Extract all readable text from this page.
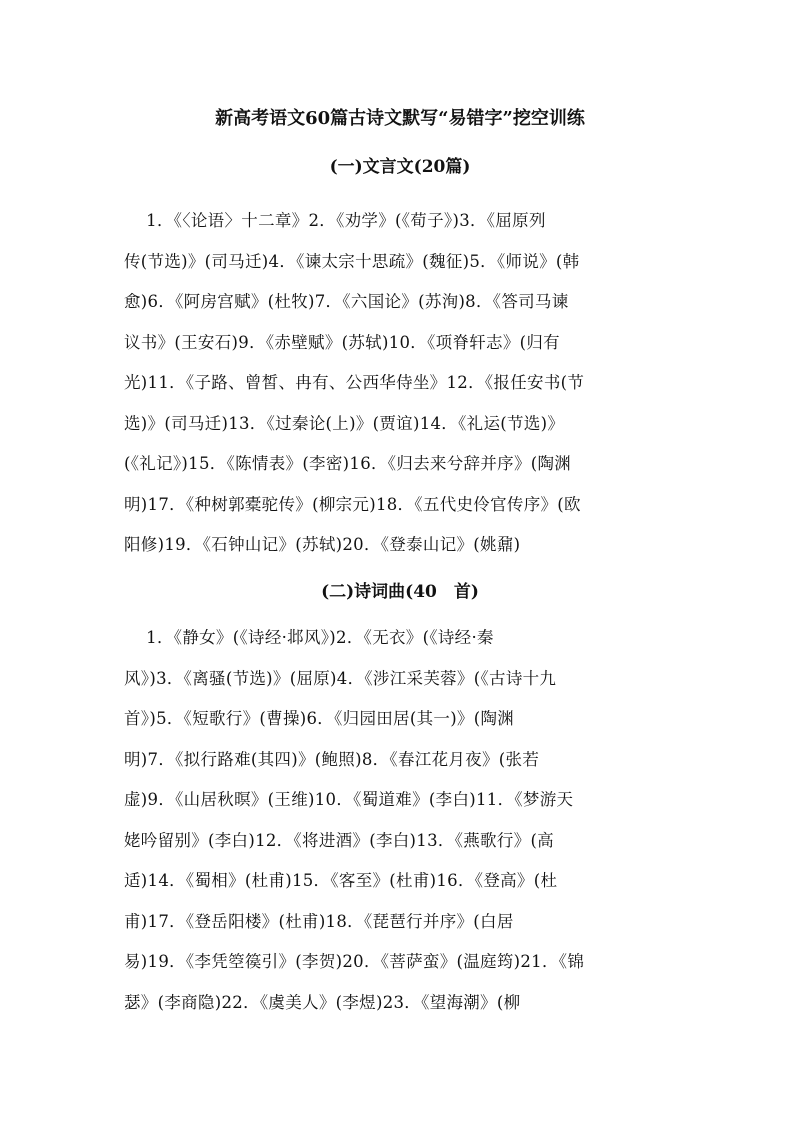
新高考语文60篇古诗文默写“易错字”挖空训练
(一)文言文(20篇)
1．《〈论语〉十二章》2．《劝学》(《荀子》)3．《屈原列
传(节选)》(司马迁)4．《谏太宗十思疏》(魏征)5．《师说》(韩
愈)6．《阿房宫赋》(杜牧)7．《六国论》(苏洵)8．《答司马谏
议书》(王安石)9．《赤壁赋》(苏轼)10．《项脊轩志》(归有
光)11．《子路、曾皙、冉有、公西华侍坐》12．《报任安书(节
选)》(司马迁)13．《过秦论(上)》(贾谊)14．《礼运(节选)》
(《礼记》)15．《陈情表》(李密)16．《归去来兮辞并序》(陶渊
明)17．《种树郭橐驼传》(柳宗元)18．《五代史伶官传序》(欧
阳修)19．《石钟山记》(苏轼)20．《登泰山记》(姚鼐)
(二)诗词曲(40　首)
1．《静女》(《诗经·邶风》)2．《无衣》(《诗经·秦
风》)3．《离骚(节选)》(屈原)4．《涉江采芙蓉》(《古诗十九
首》)5．《短歌行》(曹操)6．《归园田居(其一)》(陶渊
明)7．《拟行路难(其四)》(鲍照)8．《春江花月夜》(张若
虚)9．《山居秋暝》(王维)10．《蜀道难》(李白)11．《梦游天
姥吟留别》(李白)12．《将进酒》(李白)13．《燕歌行》(高
适)14．《蜀相》(杜甫)15．《客至》(杜甫)16．《登高》(杜
甫)17．《登岳阳楼》(杜甫)18．《琵琶行并序》(白居
易)19．《李凭箜篌引》(李贺)20．《菩萨蛮》(温庭筠)21．《锦
瑟》(李商隐)22．《虞美人》(李煜)23．《望海潮》(柳
